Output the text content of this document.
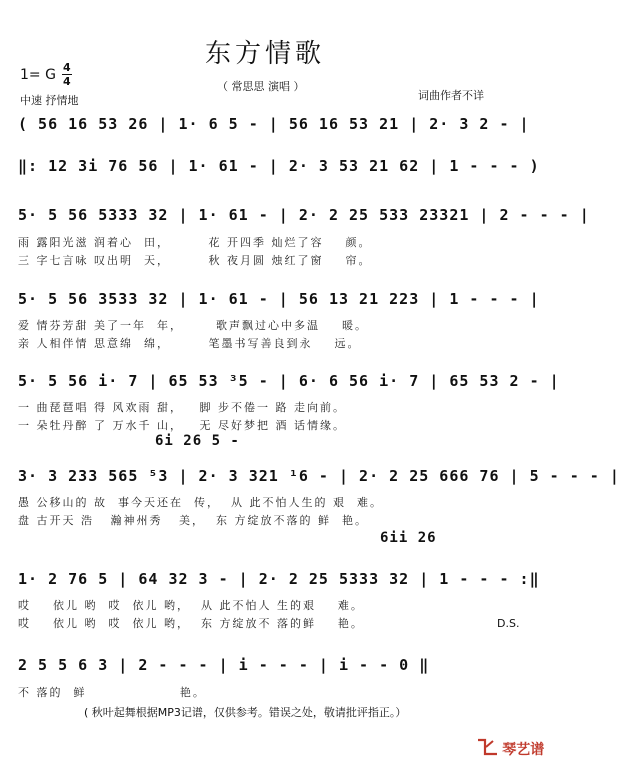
东方情歌
1= G 4
4
中速 抒情地
（ 常思思 演唱 ）
词曲作者不详
( 56 16 53 26 | 1· 6 5 - | 56 16 53 21 | 2· 3 2 - |
‖: 12 3i 76 56 | 1· 61 - | 2· 3 53 21 62 | 1 - - - )
5· 5 56 5333 32 | 1· 61 - | 2· 2 25 533 23321 | 2 - - - |
雨 露阳光滋 润着心  田，       花 开四季 灿烂了容    颜。
三 字七言咏 叹出明  天，       秋 夜月圆 烛红了窗    帘。
5· 5 56 3533 32 | 1· 61 - | 56 13 21 223 | 1 - - - |
爱 情芬芳甜 美了一年  年，      歌声飘过心中多温    暖。
亲 人相伴情 思意绵  绵，       笔墨书写善良到永    远。
5· 5 56 i· 7 | 65 53 ³5 - | 6· 6 56 i· 7 | 65 53 2 - |
一 曲琵琶唱 得 风欢雨 甜，   脚 步不倦一 路 走向前。
一 朵牡丹醉 了 万水千 山，   无 尽好梦把 酒 话情缘。
6i 26 5 -
3· 3 233 565 ⁵3 | 2· 3 321 ¹6 - | 2· 2 25 666 76 | 5 - - - |
愚 公移山的 故  事今天还在  传，  从 此不怕人生的 艰  难。
盘 古开天 浩   瀚神州秀   美，  东 方绽放不落的 鲜  艳。
6ii 26
1· 2 76 5 | 64 32 3 - | 2· 2 25 5333 32 | 1 - - - :‖
哎    依儿 哟  哎  依儿 哟，  从 此不怕人 生的艰    难。
哎    依儿 哟  哎  依儿 哟，  东 方绽放不 落的鲜    艳。	D.S.
2 5 5 6 3 | 2 - - - | i - - - | i - - 0 ‖
不 落的  鲜                 艳。
( 秋叶起舞根据MP3记谱，仅供参考。错误之处，敬请批评指正。）

琴艺谱
